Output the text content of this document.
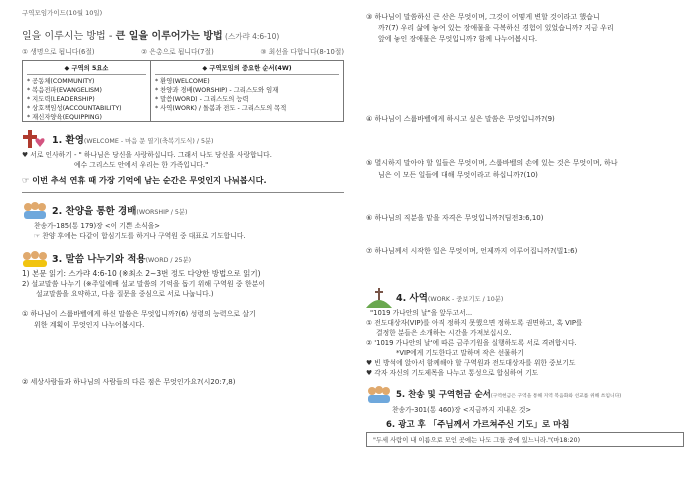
구역모임가이드(10월 10일)
일을 이루시는 방법 - 큰 일을 이루어가는 방법 (스가랴 4:6-10)
① 생명으로 됩니다(6절)	② 은총으로 됩니다(7절)	③ 최선을 다합니다(8-10절)
◆ 구역의 5요소
* 공동체(COMMUNITY)
* 복음전파(EVANGELISM)
* 지도력(LEADERSHIP)
* 상호책임성(ACCOUNTABILITY)
* 재신자양육(EQUIPPING)
◆ 구역모임의 중요한 순서(4W)
* 환영(WELCOME)
* 찬양과 경배(WORSHIP) - 그리스도와 임재
* 말씀(WORD) - 그리스도의 능력
* 사역(WORK) / 돌봄과 전도 - 그리스도의 목적
1. 환영(WELCOME - 마음 문 열기(축복기도식) / 5분)
♥ 서로 인사하기 - " 하나님은 당신을 사랑하십니다. 그래서 나도 당신을 사랑합니다.
예수 그리스도 안에서 우리는 한 가족입니다."
☞ 이번 추석 연휴 때 가장 기억에 남는 순간은 무엇인지 나눠봅시다.
2. 찬양을 통한 경배(WORSHIP / 5분)
찬송가-185(통 179)장 <이 기쁜 소식을>
☞ 찬양 후에는 다같이 합심기도를 하거나 구역원 중 대표로 기도합니다.
3. 말씀 나누기와 적용(WORD / 25분)
1) 본문 읽기: 스가랴 4:6-10 (※최소 2~3번 정도 다양한 방법으로 읽기)
2) 설교말씀 나누기 (※주일예배 설교 말씀의 기억을 돕기 위해 구역원 중 한분이
설교말씀을 요약하고, 다음 질문을 중심으로 서로 나눕니다.)
① 하나님이 스룹바벨에게 하신 말씀은 무엇입니까?(6) 성령의 능력으로 살기
위한 계획이 무엇인지 나누어봅시다.
② 세상사람들과 하나님의 사람들의 다른 점은 무엇인가요?(시20:7,8)
③ 하나님이 말씀하신 큰 산은 무엇이며, 그것이 어떻게 변할 것이라고 했습니
까?(7) 우리 삶에 놓여 있는 장애물을 극복하신 경험이 있었습니까? 지금 우리
앞에 놓인 장애물은 무엇입니까? 함께 나누어봅시다.
④ 하나님이 스룹바벨에게 하시고 싶은 말씀은 무엇입니까?(9)
⑤ 멸시하지 말아야 할 일들은 무엇이며, 스룹바벨의 손에 있는 것은 무엇이며, 하나
님은 이 모든 일들에 대해 무엇이라고 하십니까?(10)
⑥ 하나님의 직분을 맡을 자격은 무엇입니까?(딤전3:6,10)
⑦ 하나님께서 시작한 일은 무엇이며, 언제까지 이루어집니까?(빌1:6)
4. 사역(WORK - 중보기도 / 10분)
"1019 가나안의 날"을 앞두고서...
① 전도대상자(VIP)를 아직 정하지 못했으면 정하도록 권면하고, 혹 VIP를
결정한 분들은 소개하는 시간을 가져보십시오.
② '1019 가나안의 날'에 따른 금주기원을 실행하도록 서로 격려합시다.
*VIP에게 기도한다고 말하며 작은 선물하기
♥ 빈 방석에 앉아서 함께해야 할 구역원과 전도대상자를 위한 중보기도
♥ 각자 자신의 기도제목을 나누고 통성으로 합심하여 기도
5. 찬송 및 구역헌금 순서(구역헌금은 구역을 통해 지역 복음화와 선교를 위해 쓰임니다)
찬송가-301(통 460)장 <지금까지 지내온 것>
6. 광고 후 「주님께서 가르쳐주신 기도」로 마침
"두세 사람이 내 이름으로 모인 곳에는 나도 그들 중에 있느니라."(마18:20)
